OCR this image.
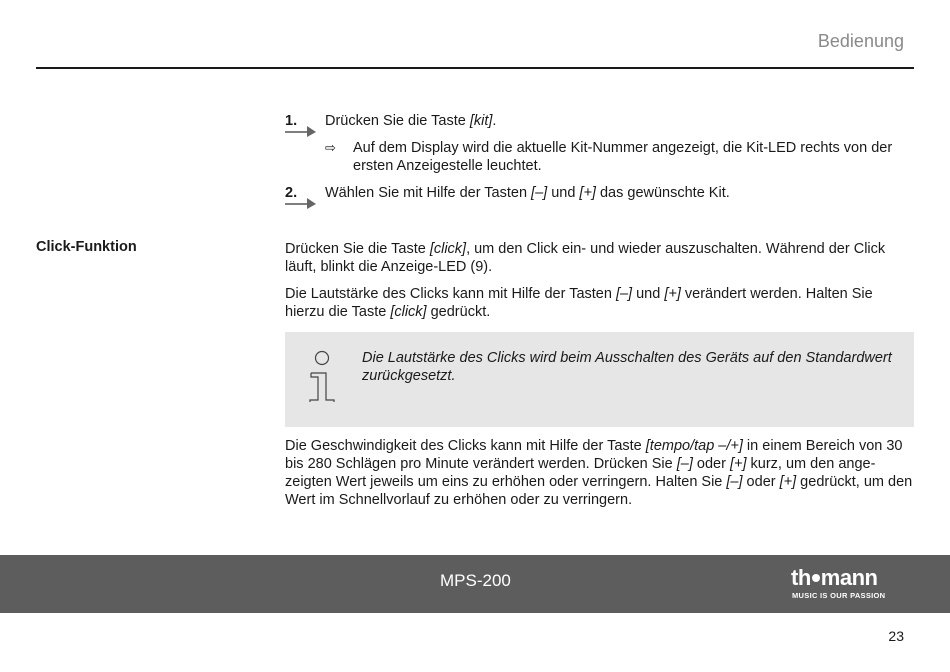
Bedienung
1.	Drücken Sie die Taste [kit].
⇨ Auf dem Display wird die aktuelle Kit-Nummer angezeigt, die Kit-LED rechts von der ersten Anzeigestelle leuchtet.
2.	Wählen Sie mit Hilfe der Tasten [–] und [+] das gewünschte Kit.
Click-Funktion	Drücken Sie die Taste [click], um den Click ein- und wieder auszuschalten. Während der Click läuft, blinkt die Anzeige-LED (9).

Die Lautstärke des Clicks kann mit Hilfe der Tasten [–] und [+] verändert werden. Halten Sie hierzu die Taste [click] gedrückt.

Die Lautstärke des Clicks wird beim Ausschalten des Geräts auf den Standardwert zurückgesetzt.

Die Geschwindigkeit des Clicks kann mit Hilfe der Taste [tempo/tap –/+] in einem Bereich von 30 bis 280 Schlägen pro Minute verändert werden. Drücken Sie [–] oder [+] kurz, um den angezeigten Wert jeweils um eins zu erhöhen oder verringern. Halten Sie [–] oder [+] gedrückt, um den Wert im Schnellvorlauf zu erhöhen oder zu verringern.

MPS-200	th mann
MUSIC IS OUR PASSION
23
